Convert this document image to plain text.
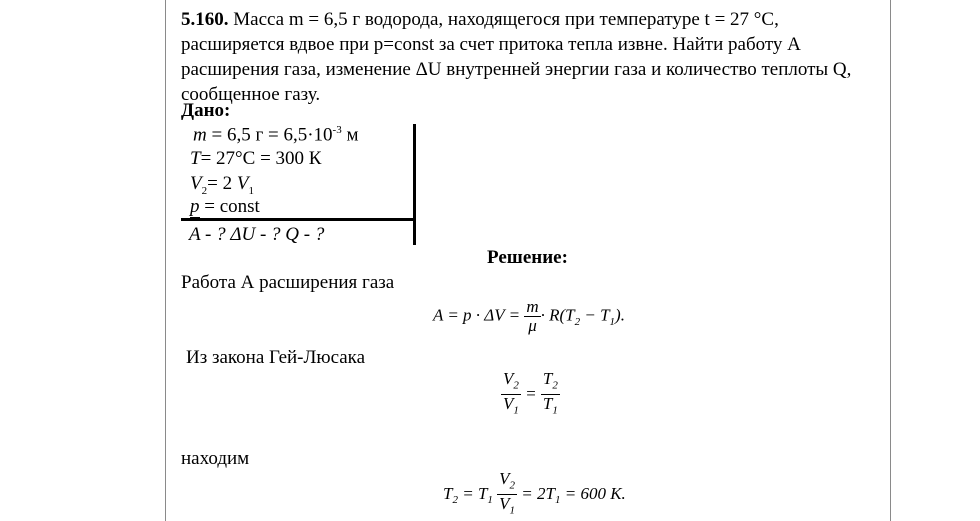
5.160. Масса m = 6,5 г водорода, находящегося при температуре t = 27 °С, расширяется вдвое при p=const за счет притока тепла извне. Найти работу А расширения газа, изменение ΔU внутренней энергии газа и количество теплоты Q, сообщенное газу.
Дано:
m = 6,5 $г = 6,5\cdot 10^{-3}$ м
T= 27°С = 300 К
$V_2= 2$ $V_1$
p = const
A - ? ΔU - ? Q - ?
Решение:
Работа А расширения газа
$A = p \cdot \Delta V = \frac{m}{\mu} \cdot R(T_2 - T_1)$.
Из закона Гей-Люсака
$\frac{V_2}{V_1} = \frac{T_2}{T_1}$
находим
$T_2 = T_1 \frac{V_2}{V_1} = 2T_1 = 600$ K.
